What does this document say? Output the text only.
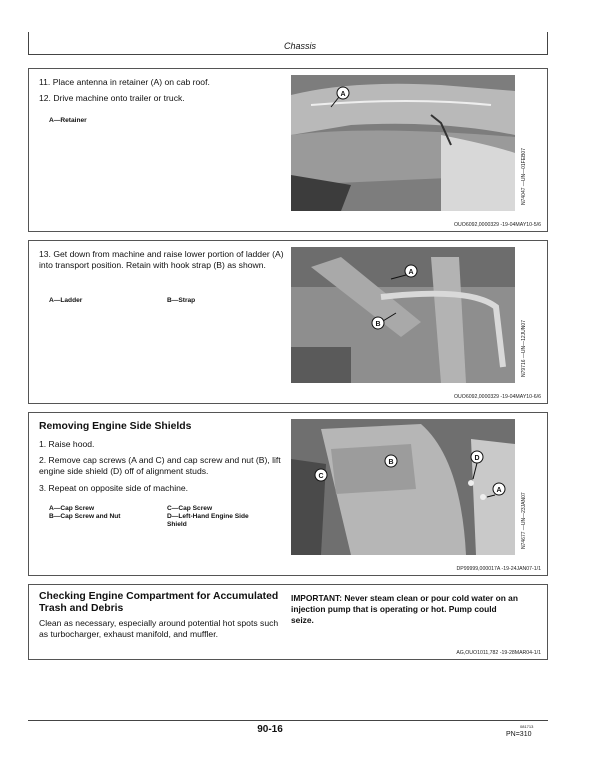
Chassis
11. Place antenna in retainer (A) on cab roof.
12. Drive machine onto trailer or truck.
A—Retainer
A
N74047 —UN—01FEB07
OUO6092,0000329 -19-04MAY10-5/6
13. Get down from machine and raise lower portion of ladder (A) into transport position. Retain with hook strap (B) as shown.
A—Ladder	B—Strap
A
B	N79716 —UN—12JUN07
OUO6092,0000329 -19-04MAY10-6/6
Removing Engine Side Shields
1. Raise hood.
2. Remove cap screws (A and C) and cap screw and nut (B), lift engine side shield (D) off of alignment studs.
3. Repeat on opposite side of machine.
A—Cap Screw
B—Cap Screw and Nut
C—Cap Screw
D—Left-Hand Engine Side Shield
B
C
D
A
N74677 —UN—23JAN07
DP99999,000017A -19-24JAN07-1/1
Checking Engine Compartment for Accumulated Trash and Debris
Clean as necessary, especially around potential hot spots such as turbocharger, exhaust manifold, and muffler.
IMPORTANT: Never steam clean or pour cold water on an injection pump that is operating or hot. Pump could seize.
AG,OUO1011,782 -19-28MAR04-1/1
90-16	081713
PN=310
